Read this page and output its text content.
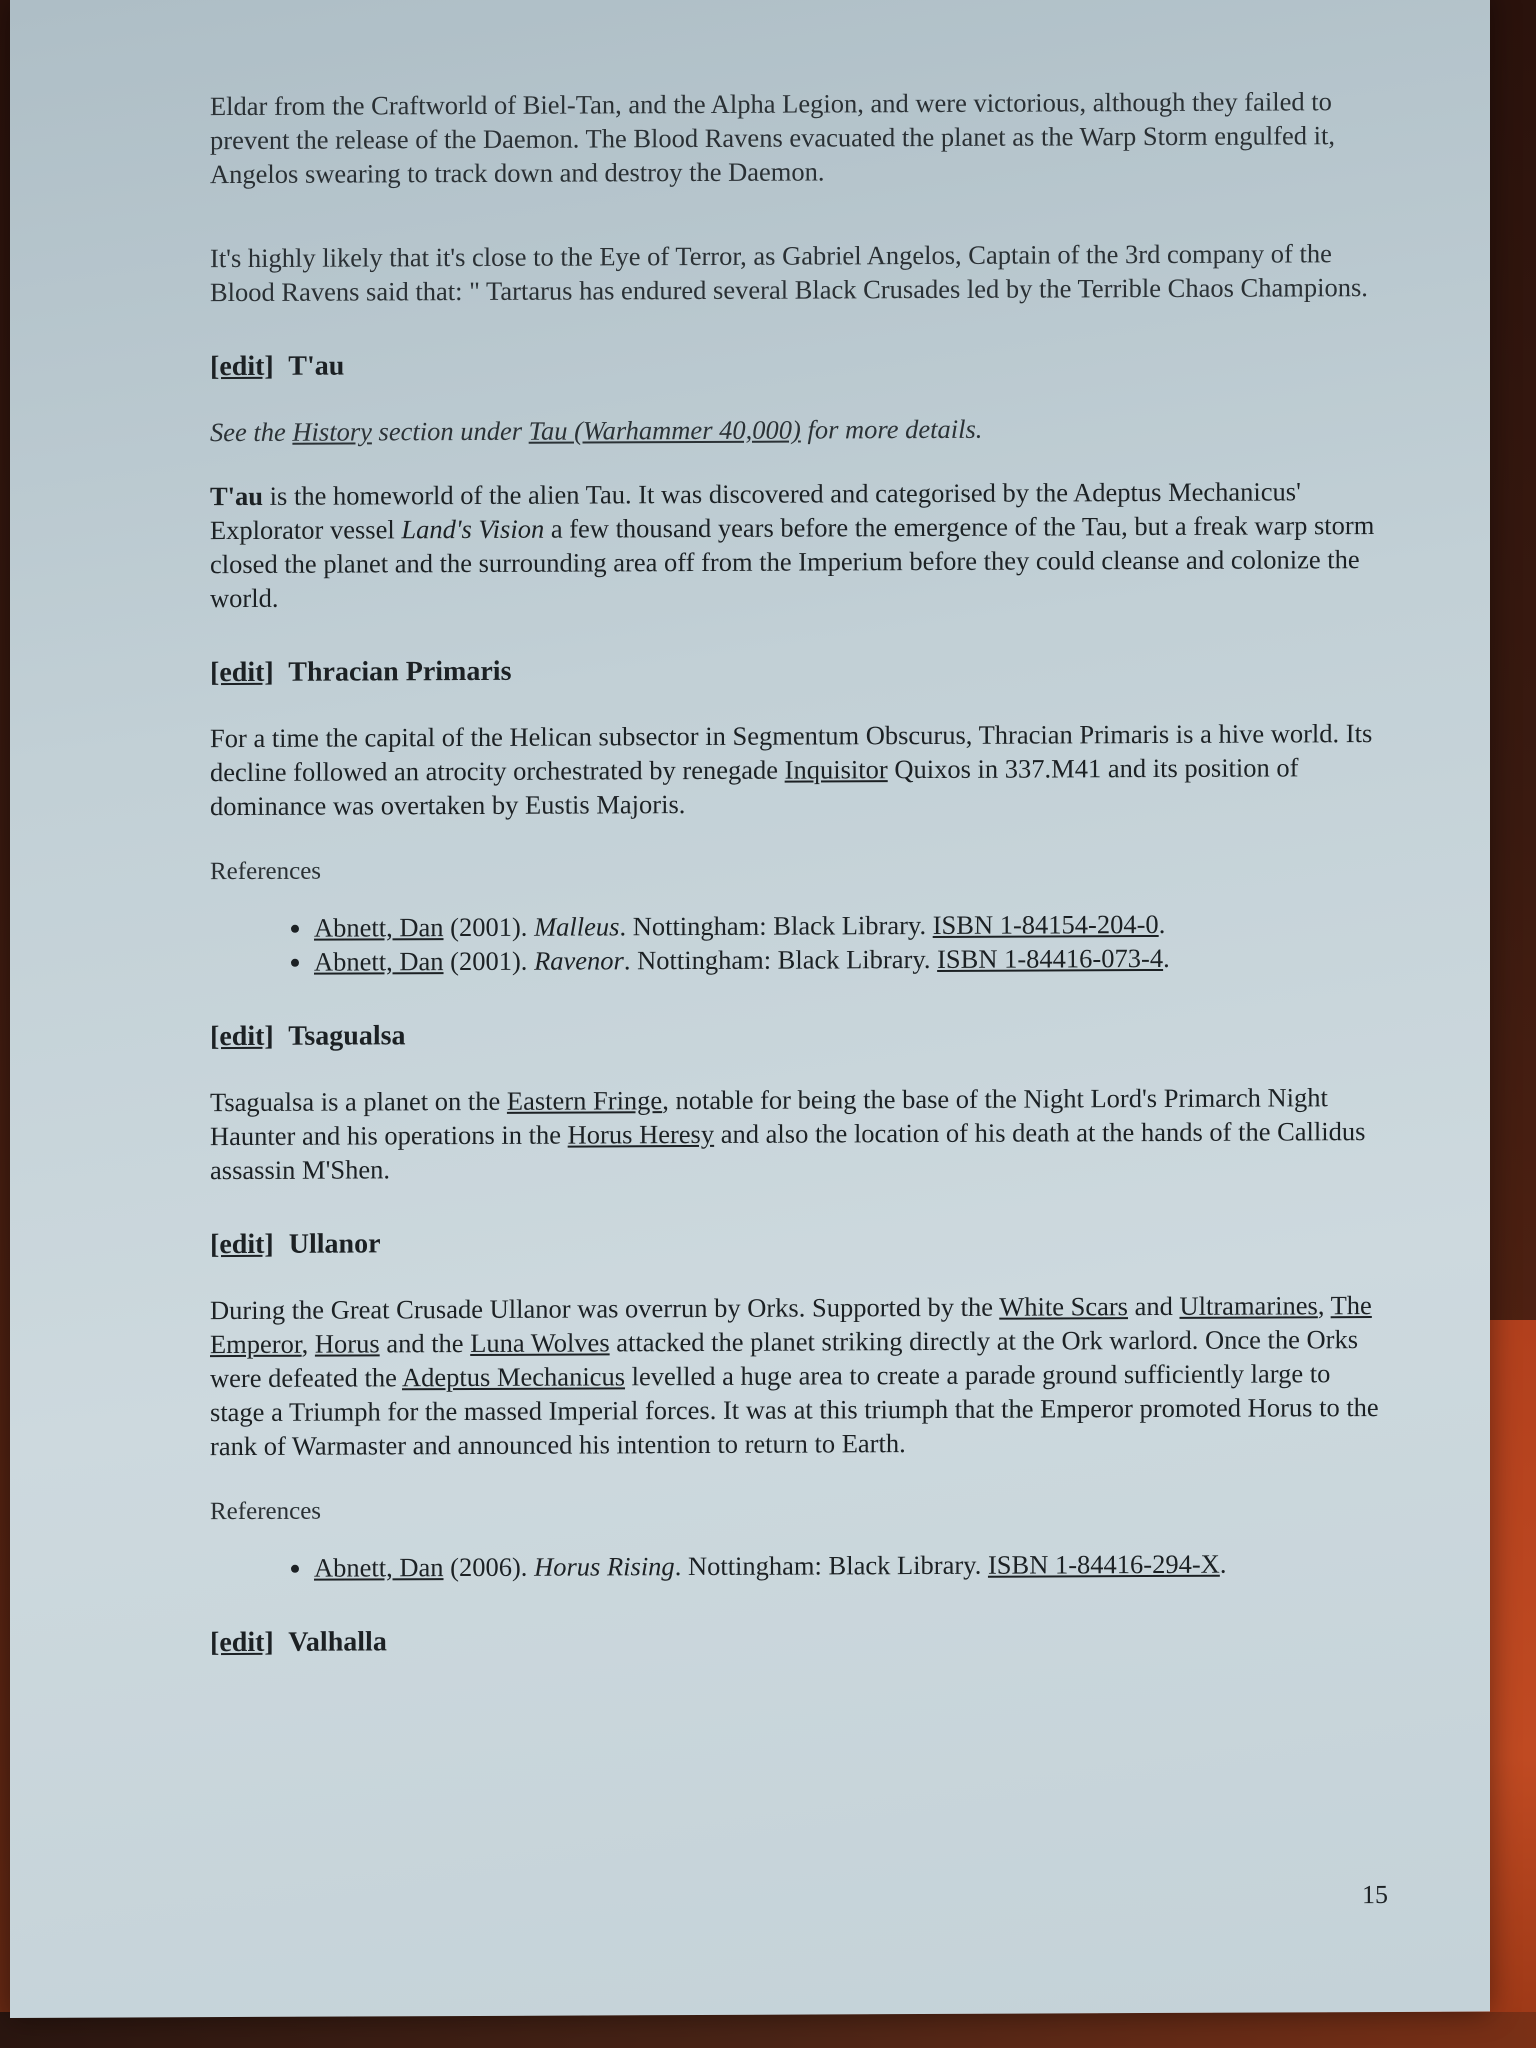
Eldar from the Craftworld of Biel-Tan, and the Alpha Legion, and were victorious, although they failed to prevent the release of the Daemon. The Blood Ravens evacuated the planet as the Warp Storm engulfed it, Angelos swearing to track down and destroy the Daemon.

It's highly likely that it's close to the Eye of Terror, as Gabriel Angelos, Captain of the 3rd company of the Blood Ravens said that: " Tartarus has endured several Black Crusades led by the Terrible Chaos Champions.

[edit] T'au

See the History section under Tau (Warhammer 40,000) for more details.

T'au is the homeworld of the alien Tau. It was discovered and categorised by the Adeptus Mechanicus' Explorator vessel Land's Vision a few thousand years before the emergence of the Tau, but a freak warp storm closed the planet and the surrounding area off from the Imperium before they could cleanse and colonize the world.

[edit] Thracian Primaris

For a time the capital of the Helican subsector in Segmentum Obscurus, Thracian Primaris is a hive world. Its decline followed an atrocity orchestrated by renegade Inquisitor Quixos in 337.M41 and its position of dominance was overtaken by Eustis Majoris.

References

• Abnett, Dan (2001). Malleus. Nottingham: Black Library. ISBN 1-84154-204-0.
• Abnett, Dan (2001). Ravenor. Nottingham: Black Library. ISBN 1-84416-073-4.
[edit] Tsagualsa

Tsagualsa is a planet on the Eastern Fringe, notable for being the base of the Night Lord's Primarch Night Haunter and his operations in the Horus Heresy and also the location of his death at the hands of the Callidus assassin M'Shen.

[edit] Ullanor

During the Great Crusade Ullanor was overrun by Orks. Supported by the White Scars and Ultramarines, The Emperor, Horus and the Luna Wolves attacked the planet striking directly at the Ork warlord. Once the Orks were defeated the Adeptus Mechanicus levelled a huge area to create a parade ground sufficiently large to stage a Triumph for the massed Imperial forces. It was at this triumph that the Emperor promoted Horus to the rank of Warmaster and announced his intention to return to Earth.

References

• Abnett, Dan (2006). Horus Rising. Nottingham: Black Library. ISBN 1-84416-294-X.
[edit] Valhalla
15
